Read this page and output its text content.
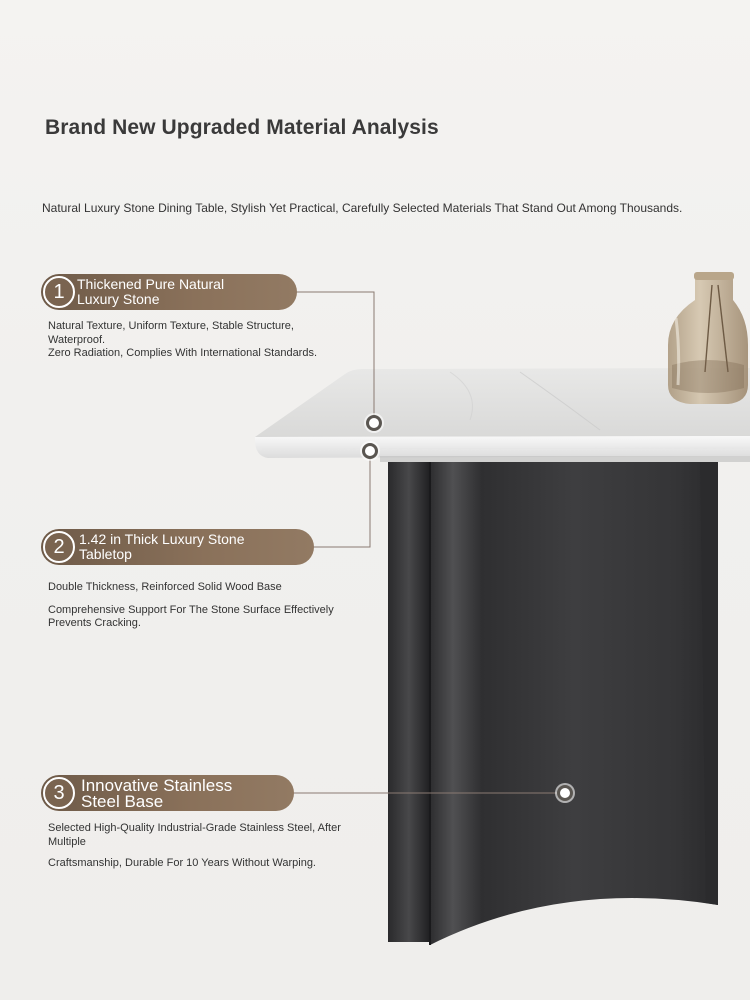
Brand New Upgraded Material Analysis
Natural Luxury Stone Dining Table, Stylish Yet Practical, Carefully Selected Materials That Stand Out Among Thousands.
1 Thickened Pure Natural
Luxury Stone

Natural Texture, Uniform Texture, Stable Structure, Waterproof.

Zero Radiation, Complies With International Standards.

2	1.42 in Thick Luxury Stone
Tabletop

Double Thickness, Reinforced Solid Wood Base

Comprehensive Support For The Stone Surface Effectively Prevents Cracking.

3 Innovative Stainless
Steel Base

Selected High-Quality Industrial-Grade Stainless Steel, After Multiple

Craftsmanship, Durable For 10 Years Without Warping.
